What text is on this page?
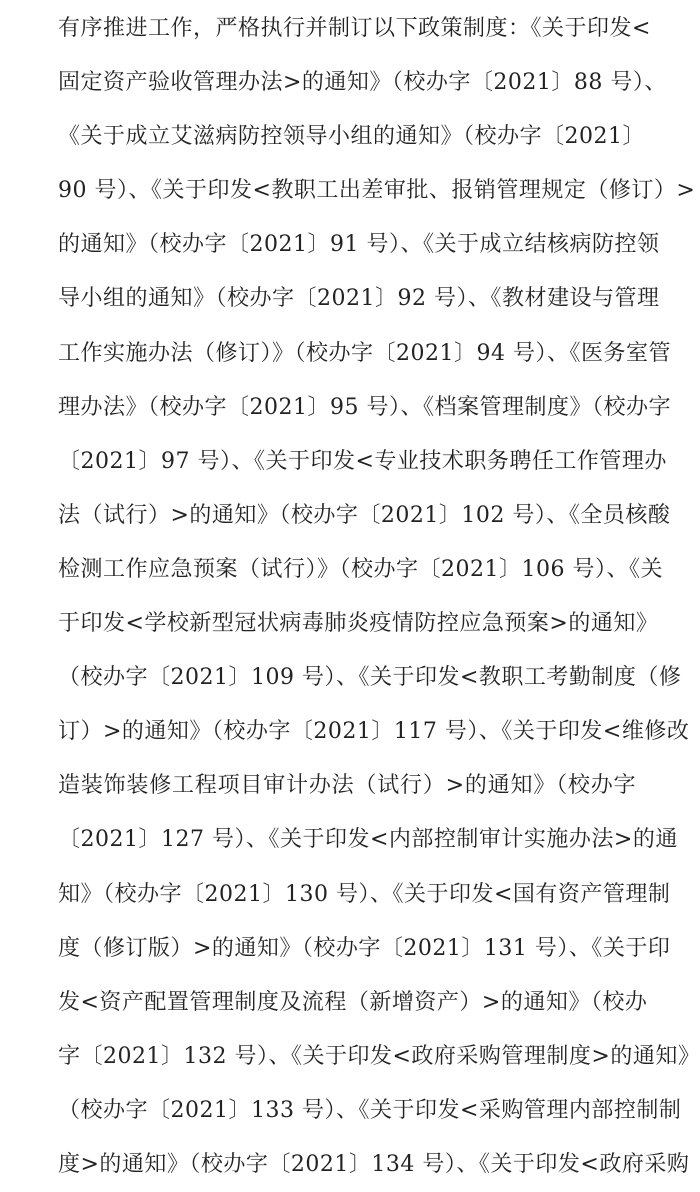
有序推进工作，严格执行并制订以下政策制度：《关于印发<
固定资产验收管理办法>的通知》（校办字〔2021〕88 号）、
《关于成立艾滋病防控领导小组的通知》（校办字〔2021〕
90 号）、《关于印发<教职工出差审批、报销管理规定（修订）>
的通知》（校办字〔2021〕91 号）、《关于成立结核病防控领
导小组的通知》（校办字〔2021〕92 号）、《教材建设与管理
工作实施办法（修订）》（校办字〔2021〕94 号）、《医务室管
理办法》（校办字〔2021〕95 号）、《档案管理制度》（校办字
〔2021〕97 号）、《关于印发<专业技术职务聘任工作管理办
法（试行）>的通知》（校办字〔2021〕102 号）、《全员核酸
检测工作应急预案（试行）》（校办字〔2021〕106 号）、《关
于印发<学校新型冠状病毒肺炎疫情防控应急预案>的通知》
（校办字〔2021〕109 号）、《关于印发<教职工考勤制度（修
订）>的通知》（校办字〔2021〕117 号）、《关于印发<维修改
造装饰装修工程项目审计办法（试行）>的通知》（校办字
〔2021〕127 号）、《关于印发<内部控制审计实施办法>的通
知》（校办字〔2021〕130 号）、《关于印发<国有资产管理制
度（修订版）>的通知》（校办字〔2021〕131 号）、《关于印
发<资产配置管理制度及流程（新增资产）>的通知》（校办
字〔2021〕132 号）、《关于印发<政府采购管理制度>的通知》
（校办字〔2021〕133 号）、《关于印发<采购管理内部控制制
度>的通知》（校办字〔2021〕134 号）、《关于印发<政府采购
